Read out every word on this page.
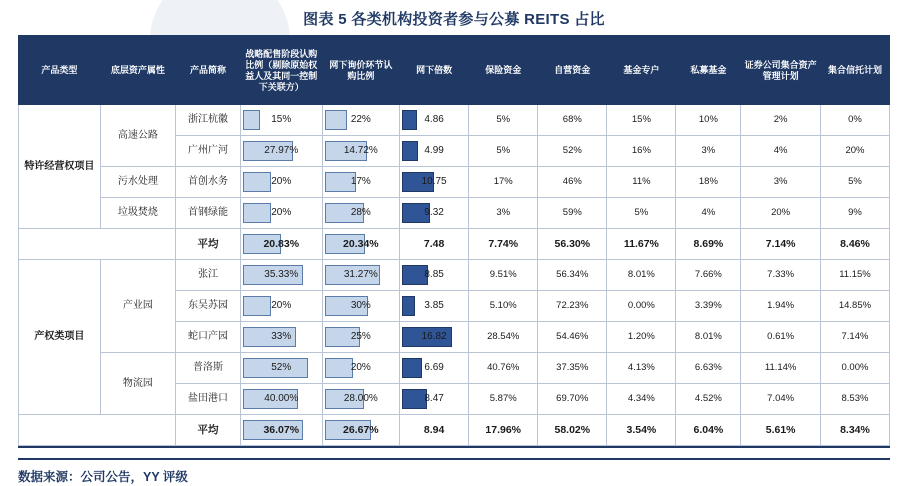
图表 5 各类机构投资者参与公募 REITS 占比
产品类型	底层资产属性	产品简称	战略配售阶段认购比例（剔除原始权益人及其同一控制下关联方）	网下询价环节认购比例	网下倍数	保险资金	自营资金	基金专户	私募基金	证券公司集合资产管理计划	集合信托计划
特许经营权项目	高速公路	浙江杭徽	15%	22%	4.86	5%	68%	15%	10%	2%	0%
		广州广河	27.97%	14.72%	4.99	5%	52%	16%	3%	4%	20%
	污水处理	首创水务	20%	17%	10.75	17%	46%	11%	18%	3%	5%
	垃圾焚烧	首钢绿能	20%	28%	9.32	3%	59%	5%	4%	20%	9%
		平均	20.83%	20.34%	7.48	7.74%	56.30%	11.67%	8.69%	7.14%	8.46%
产权类项目	产业园	张江	35.33%	31.27%	8.85	9.51%	56.34%	8.01%	7.66%	7.33%	11.15%
		东吴苏园	20%	30%	3.85	5.10%	72.23%	0.00%	3.39%	1.94%	14.85%
		蛇口产园	33%	25%	16.82	28.54%	54.46%	1.20%	8.01%	0.61%	7.14%
	物流园	普洛斯	52%	20%	6.69	40.76%	37.35%	4.13%	6.63%	11.14%	0.00%
		盐田港口	40.00%	28.00%	8.47	5.87%	69.70%	4.34%	4.52%	7.04%	8.53%
		平均	36.07%	26.67%	8.94	17.96%	58.02%	3.54%	6.04%	5.61%	8.34%
数据来源：公司公告，YY 评级
